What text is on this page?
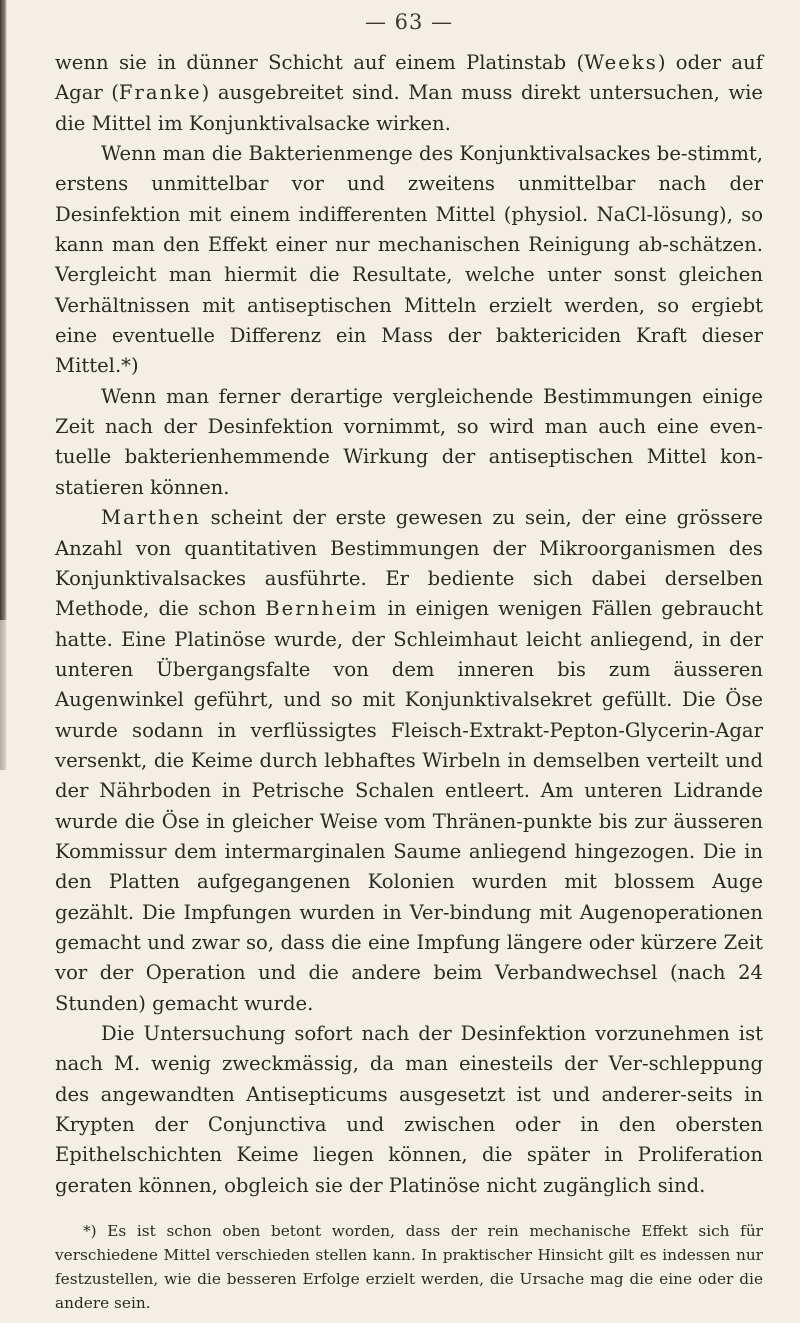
— 63 —

wenn sie in dünner Schicht auf einem Platinstab (Weeks) oder auf Agar (Franke) ausgebreitet sind. Man muss direkt untersuchen, wie die Mittel im Konjunktivalsacke wirken.

Wenn man die Bakterienmenge des Konjunktivalsackes be-stimmt, erstens unmittelbar vor und zweitens unmittelbar nach der Desinfektion mit einem indifferenten Mittel (physiol. NaCl-lösung), so kann man den Effekt einer nur mechanischen Reinigung ab-schätzen. Vergleicht man hiermit die Resultate, welche unter sonst gleichen Verhältnissen mit antiseptischen Mitteln erzielt werden, so ergiebt eine eventuelle Differenz ein Mass der baktericiden Kraft dieser Mittel.*)

Wenn man ferner derartige vergleichende Bestimmungen einige Zeit nach der Desinfektion vornimmt, so wird man auch eine even-tuelle bakterienhemmende Wirkung der antiseptischen Mittel kon-statieren können.

Marthen scheint der erste gewesen zu sein, der eine grössere Anzahl von quantitativen Bestimmungen der Mikroorganismen des Konjunktivalsackes ausführte. Er bediente sich dabei derselben Methode, die schon Bernheim in einigen wenigen Fällen gebraucht hatte. Eine Platinöse wurde, der Schleimhaut leicht anliegend, in der unteren Übergangsfalte von dem inneren bis zum äusseren Augenwinkel geführt, und so mit Konjunktivalsekret gefüllt. Die Öse wurde sodann in verflüssigtes Fleisch-Extrakt-Pepton-Glycerin-Agar versenkt, die Keime durch lebhaftes Wirbeln in demselben verteilt und der Nährboden in Petrische Schalen entleert. Am unteren Lidrande wurde die Öse in gleicher Weise vom Thränen-punkte bis zur äusseren Kommissur dem intermarginalen Saume anliegend hingezogen. Die in den Platten aufgegangenen Kolonien wurden mit blossem Auge gezählt. Die Impfungen wurden in Ver-bindung mit Augenoperationen gemacht und zwar so, dass die eine Impfung längere oder kürzere Zeit vor der Operation und die andere beim Verbandwechsel (nach 24 Stunden) gemacht wurde.

Die Untersuchung sofort nach der Desinfektion vorzunehmen ist nach M. wenig zweckmässig, da man einesteils der Ver-schleppung des angewandten Antisepticums ausgesetzt ist und anderer-seits in Krypten der Conjunctiva und zwischen oder in den obersten Epithelschichten Keime liegen können, die später in Proliferation geraten können, obgleich sie der Platinöse nicht zugänglich sind.

*) Es ist schon oben betont worden, dass der rein mechanische Effekt sich für verschiedene Mittel verschieden stellen kann. In praktischer Hinsicht gilt es indessen nur festzustellen, wie die besseren Erfolge erzielt werden, die Ursache mag die eine oder die andere sein.
